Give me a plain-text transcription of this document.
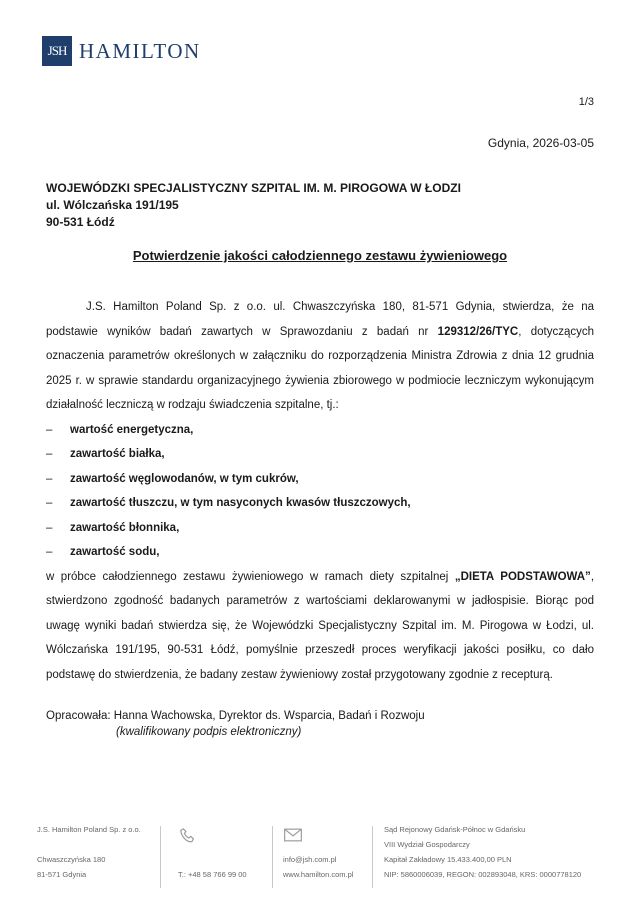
JSH HAMILTON
1/3
Gdynia, 2026-03-05
WOJEWÓDZKI SPECJALISTYCZNY SZPITAL IM. M. PIROGOWA W ŁODZI
ul. Wólczańska 191/195
90-531 Łódź
Potwierdzenie jakości całodziennego zestawu żywieniowego

J.S. Hamilton Poland Sp. z o.o. ul. Chwaszczyńska 180, 81-571 Gdynia, stwierdza, że na podstawie wyników badań zawartych w Sprawozdaniu z badań nr 129312/26/TYC, dotyczących oznaczenia parametrów określonych w załączniku do rozporządzenia Ministra Zdrowia z dnia 12 grudnia 2025 r. w sprawie standardu organizacyjnego żywienia zbiorowego w podmiocie leczniczym wykonującym działalność leczniczą w rodzaju świadczenia szpitalne, tj.:

–	wartość energetyczna,
–	zawartość białka,
–	zawartość węglowodanów, w tym cukrów,
–	zawartość tłuszczu, w tym nasyconych kwasów tłuszczowych,
–	zawartość błonnika,
–	zawartość sodu,

w próbce całodziennego zestawu żywieniowego w ramach diety szpitalnej „DIETA PODSTAWOWA”, stwierdzono zgodność badanych parametrów z wartościami deklarowanymi w jadłospisie. Biorąc pod uwagę wyniki badań stwierdza się, że Wojewódzki Specjalistyczny Szpital im. M. Pirogowa w Łodzi, ul. Wólczańska 191/195, 90-531 Łódź, pomyślnie przeszedł proces weryfikacji jakości posiłku, co dało podstawę do stwierdzenia, że badany zestaw żywieniowy został przygotowany zgodnie z recepturą.

Opracowała: Hanna Wachowska, Dyrektor ds. Wsparcia, Badań i Rozwoju
(kwalifikowany podpis elektroniczny)
J.S. Hamilton Poland Sp. z o.o.

Chwaszczyńska 180
81-571 Gdynia	T.: +48 58 766 99 00
info@jsh.com.pl
www.hamilton.com.pl
Sąd Rejonowy Gdańsk-Północ w Gdańsku
VIII Wydział Gospodarczy
Kapitał Zakładowy 15.433.400,00 PLN
NIP: 5860006039, REGON: 002893048, KRS: 0000778120
